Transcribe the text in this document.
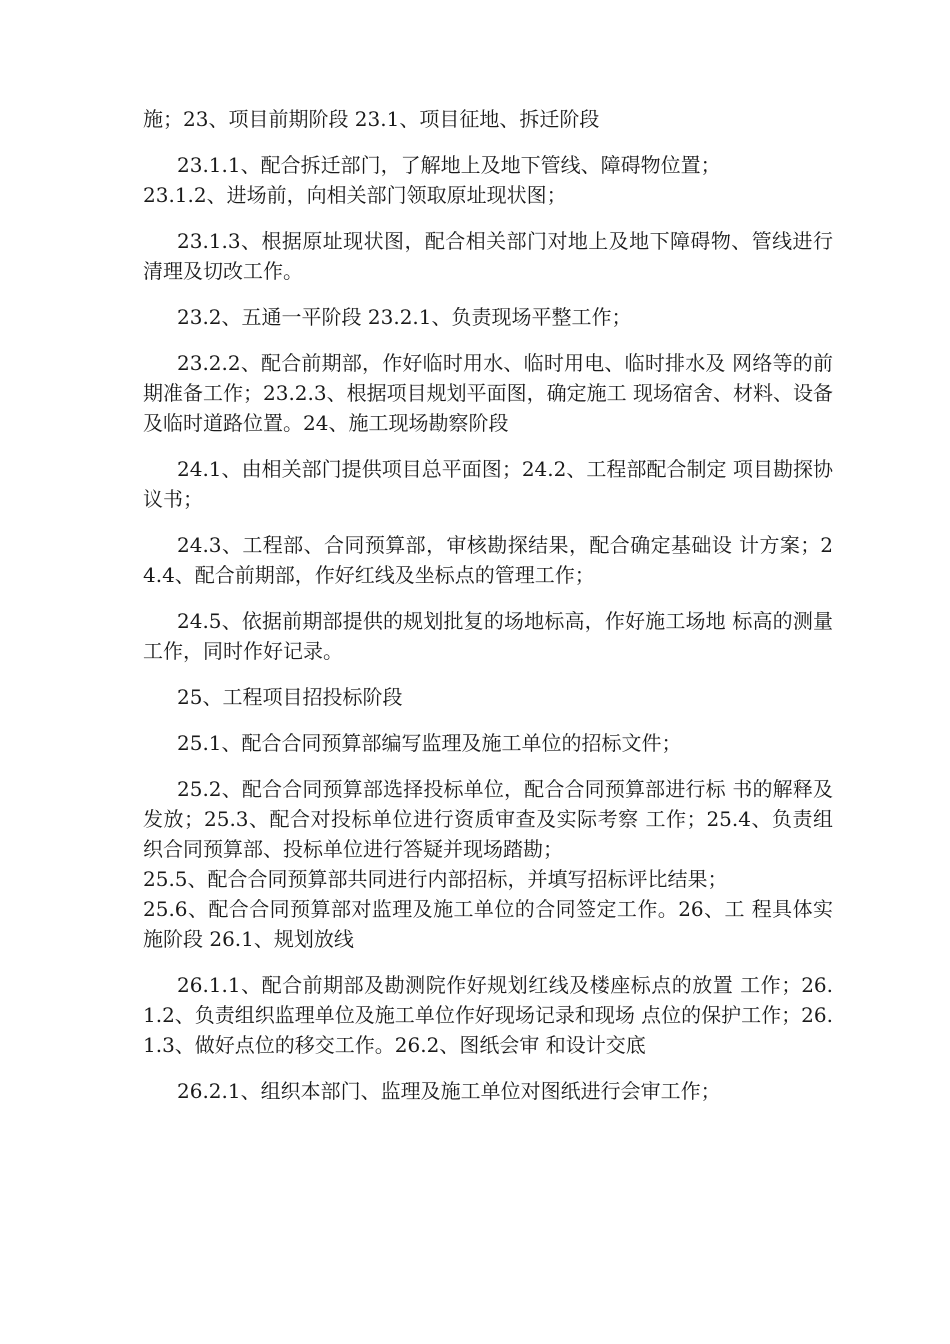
施；23、项目前期阶段 23.1、项目征地、拆迁阶段

23.1.1、配合拆迁部门，了解地上及地下管线、障碍物位置；

23.1.2、进场前，向相关部门领取原址现状图；

23.1.3、根据原址现状图，配合相关部门对地上及地下障碍物、管线进行清理及切改工作。

23.2、五通一平阶段 23.2.1、负责现场平整工作；

23.2.2、配合前期部，作好临时用水、临时用电、临时排水及 网络等的前期准备工作；23.2.3、根据项目规划平面图，确定施工 现场宿舍、材料、设备及临时道路位置。24、施工现场勘察阶段

24.1、由相关部门提供项目总平面图；24.2、工程部配合制定 项目勘探协议书；

24.3、工程部、合同预算部，审核勘探结果，配合确定基础设 计方案；24.4、配合前期部，作好红线及坐标点的管理工作；

24.5、依据前期部提供的规划批复的场地标高，作好施工场地 标高的测量工作，同时作好记录。

25、工程项目招投标阶段

25.1、配合合同预算部编写监理及施工单位的招标文件；

25.2、配合合同预算部选择投标单位，配合合同预算部进行标 书的解释及发放；25.3、配合对投标单位进行资质审查及实际考察 工作；25.4、负责组织合同预算部、投标单位进行答疑并现场踏勘；

25.5、配合合同预算部共同进行内部招标，并填写招标评比结果；

25.6、配合合同预算部对监理及施工单位的合同签定工作。26、工 程具体实施阶段 26.1、规划放线

26.1.1、配合前期部及勘测院作好规划红线及楼座标点的放置 工作；26.1.2、负责组织监理单位及施工单位作好现场记录和现场 点位的保护工作；26.1.3、做好点位的移交工作。26.2、图纸会审 和设计交底

26.2.1、组织本部门、监理及施工单位对图纸进行会审工作；
